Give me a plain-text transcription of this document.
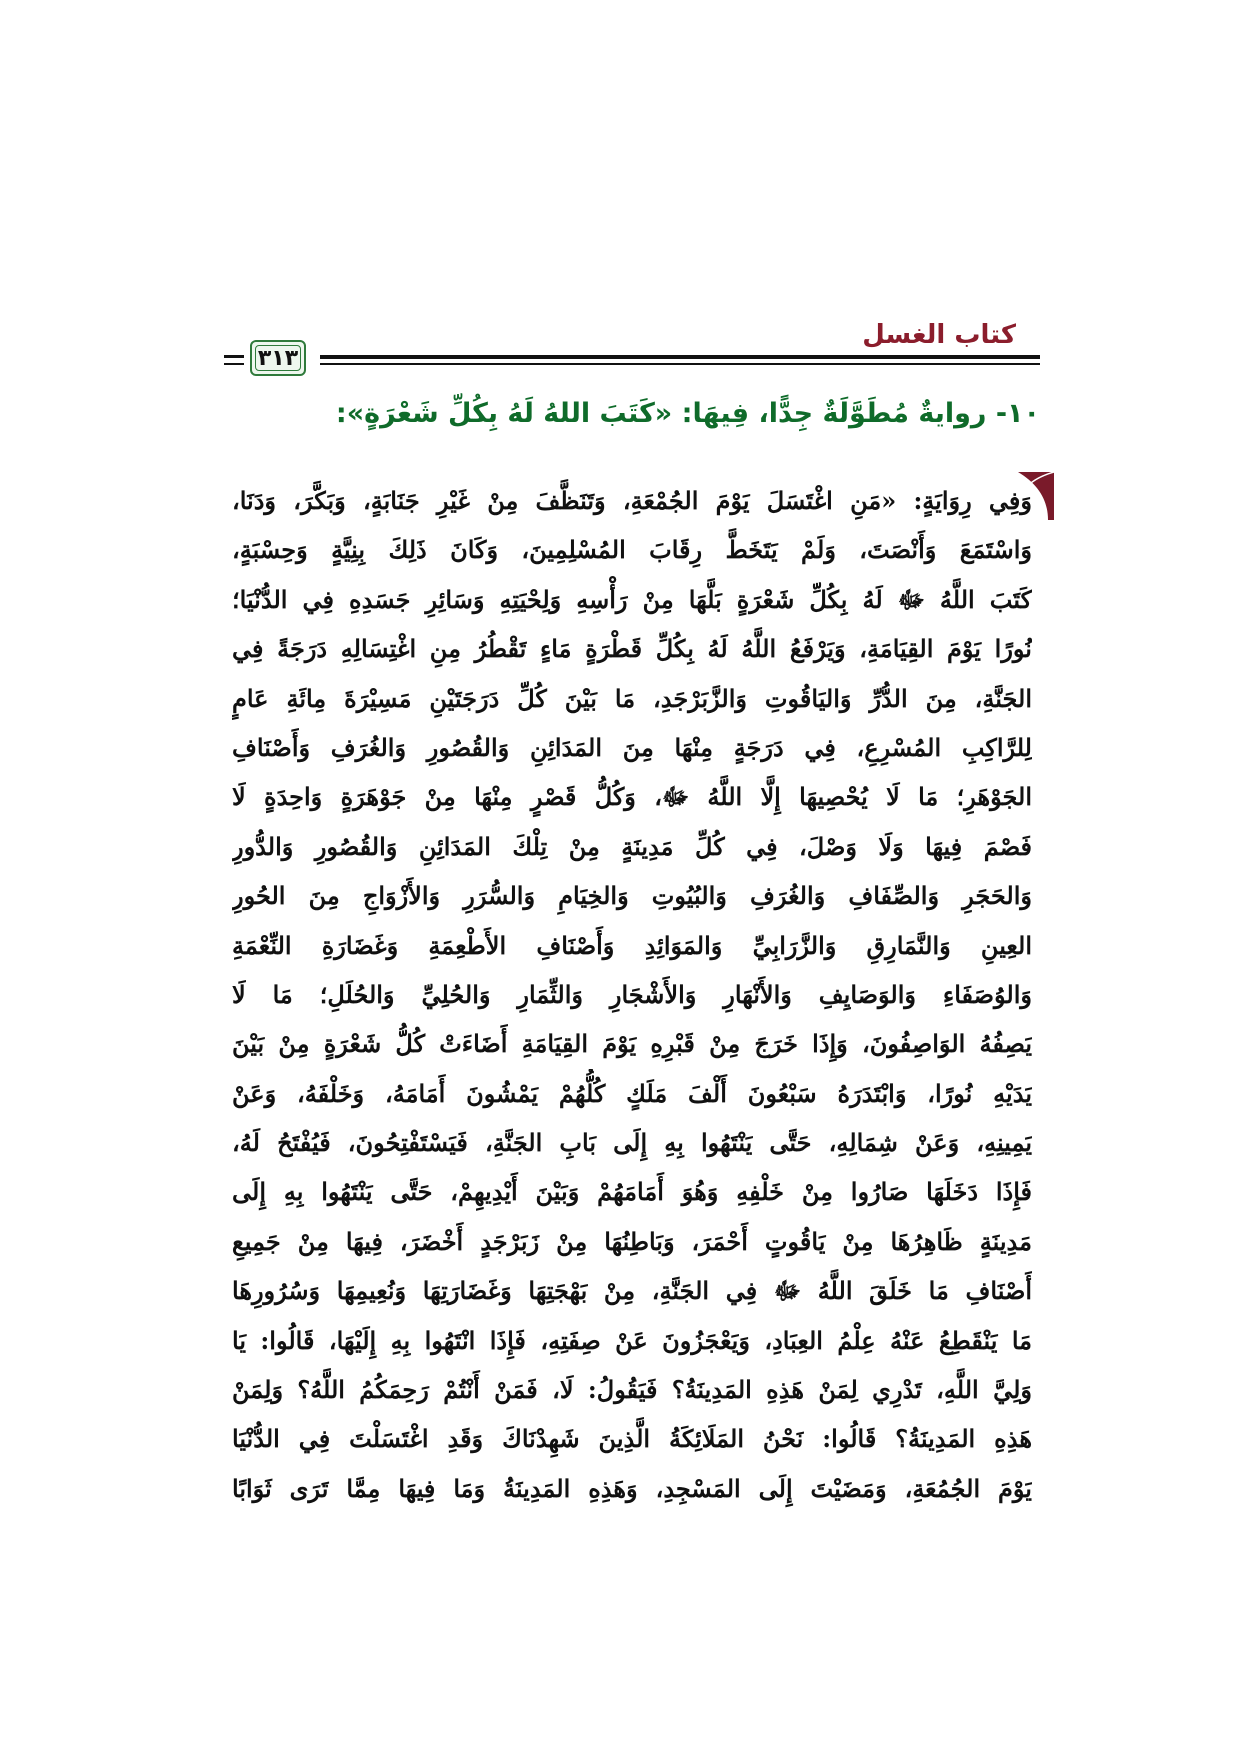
كتاب الغسل
٣١٣
١٠- روايةٌ مُطَوَّلَةٌ جِدًّا، فِيهَا: «كَتَبَ اللهُ لَهُ بِكُلِّ شَعْرَةٍ»:
وَفِي رِوَايَةٍ: «مَنِ اغْتَسَلَ يَوْمَ الجُمْعَةِ، وَتَنَظَّفَ مِنْ غَيْرِ جَنَابَةٍ، وَبَكَّرَ، وَدَنَا،
وَاسْتَمَعَ وَأَنْصَتَ، وَلَمْ يَتَخَطَّ رِقَابَ المُسْلِمِينَ، وَكَانَ ذَلِكَ بِنِيَّةٍ وَحِسْبَةٍ،
كَتَبَ اللَّهُ ﷻ لَهُ بِكُلِّ شَعْرَةٍ بَلَّهَا مِنْ رَأْسِهِ وَلِحْيَتِهِ وَسَائِرِ جَسَدِهِ فِي الدُّنْيَا؛
نُورًا يَوْمَ القِيَامَةِ، وَيَرْفَعُ اللَّهُ لَهُ بِكُلِّ قَطْرَةٍ مَاءٍ تَقْطُرُ مِنِ اغْتِسَالِهِ دَرَجَةً فِي
الجَنَّةِ، مِنَ الدُّرِّ وَاليَاقُوتِ وَالزَّبَرْجَدِ، مَا بَيْنَ كُلِّ دَرَجَتَيْنِ مَسِيْرَةَ مِائَةِ عَامٍ
لِلرَّاكِبِ المُسْرِعِ، فِي دَرَجَةٍ مِنْهَا مِنَ المَدَائِنِ وَالقُصُورِ وَالغُرَفِ وَأَصْنَافِ
الجَوْهَرِ؛ مَا لَا يُحْصِيهَا إِلَّا اللَّهُ ﷻ، وَكُلُّ قَصْرٍ مِنْهَا مِنْ جَوْهَرَةٍ وَاحِدَةٍ لَا
فَصْمَ فِيهَا وَلَا وَصْلَ، فِي كُلِّ مَدِينَةٍ مِنْ تِلْكَ المَدَائِنِ وَالقُصُورِ وَالدُّورِ
وَالحَجَرِ وَالصِّفَافِ وَالغُرَفِ وَالبُيُوتِ وَالخِيَامِ وَالسُّرَرِ وَالأَزْوَاجِ مِنَ الحُورِ
العِينِ وَالنَّمَارِقِ وَالزَّرَابِيِّ وَالمَوَائِدِ وَأَصْنَافِ الأَطْعِمَةِ وَغَضَارَةِ النِّعْمَةِ
وَالوُصَفَاءِ وَالوَصَايِفِ وَالأَنْهَارِ وَالأَشْجَارِ وَالثِّمَارِ وَالحُلِيِّ وَالحُلَلِ؛ مَا لَا
يَصِفُهُ الوَاصِفُونَ، وَإِذَا خَرَجَ مِنْ قَبْرِهِ يَوْمَ القِيَامَةِ أَضَاءَتْ كُلُّ شَعْرَةٍ مِنْ بَيْنَ
يَدَيْهِ نُورًا، وَابْتَدَرَهُ سَبْعُونَ أَلْفَ مَلَكٍ كُلُّهُمْ يَمْشُونَ أَمَامَهُ، وَخَلْفَهُ، وَعَنْ
يَمِينِهِ، وَعَنْ شِمَالِهِ، حَتَّى يَنْتَهُوا بِهِ إِلَى بَابِ الجَنَّةِ، فَيَسْتَفْتِحُونَ، فَيُفْتَحُ لَهُ،
فَإِذَا دَخَلَهَا صَارُوا مِنْ خَلْفِهِ وَهُوَ أَمَامَهُمْ وَبَيْنَ أَيْدِيهِمْ، حَتَّى يَنْتَهُوا بِهِ إِلَى
مَدِينَةٍ ظَاهِرُهَا مِنْ يَاقُوتٍ أَحْمَرَ، وَبَاطِنُهَا مِنْ زَبَرْجَدٍ أَخْضَرَ، فِيهَا مِنْ جَمِيعِ
أَصْنَافِ مَا خَلَقَ اللَّهُ ﷻ فِي الجَنَّةِ، مِنْ بَهْجَتِهَا وَغَضَارَتِهَا وَنُعِيمِهَا وَسُرُورِهَا
مَا يَنْقَطِعُ عَنْهُ عِلْمُ العِبَادِ، وَيَعْجَزُونَ عَنْ صِفَتِهِ، فَإِذَا انْتَهُوا بِهِ إِلَيْهَا، قَالُوا: يَا
وَلِيَّ اللَّهِ، تَدْرِي لِمَنْ هَذِهِ المَدِينَةُ؟ فَيَقُولُ: لَا، فَمَنْ أَنْتُمْ رَحِمَكُمُ اللَّهُ؟ وَلِمَنْ
هَذِهِ المَدِينَةُ؟ قَالُوا: نَحْنُ المَلَائِكَةُ الَّذِينَ شَهِدْنَاكَ وَقَدِ اغْتَسَلْتَ فِي الدُّنْيَا
يَوْمَ الجُمُعَةِ، وَمَضَيْتَ إِلَى المَسْجِدِ، وَهَذِهِ المَدِينَةُ وَمَا فِيهَا مِمَّا تَرَى ثَوَابًا
